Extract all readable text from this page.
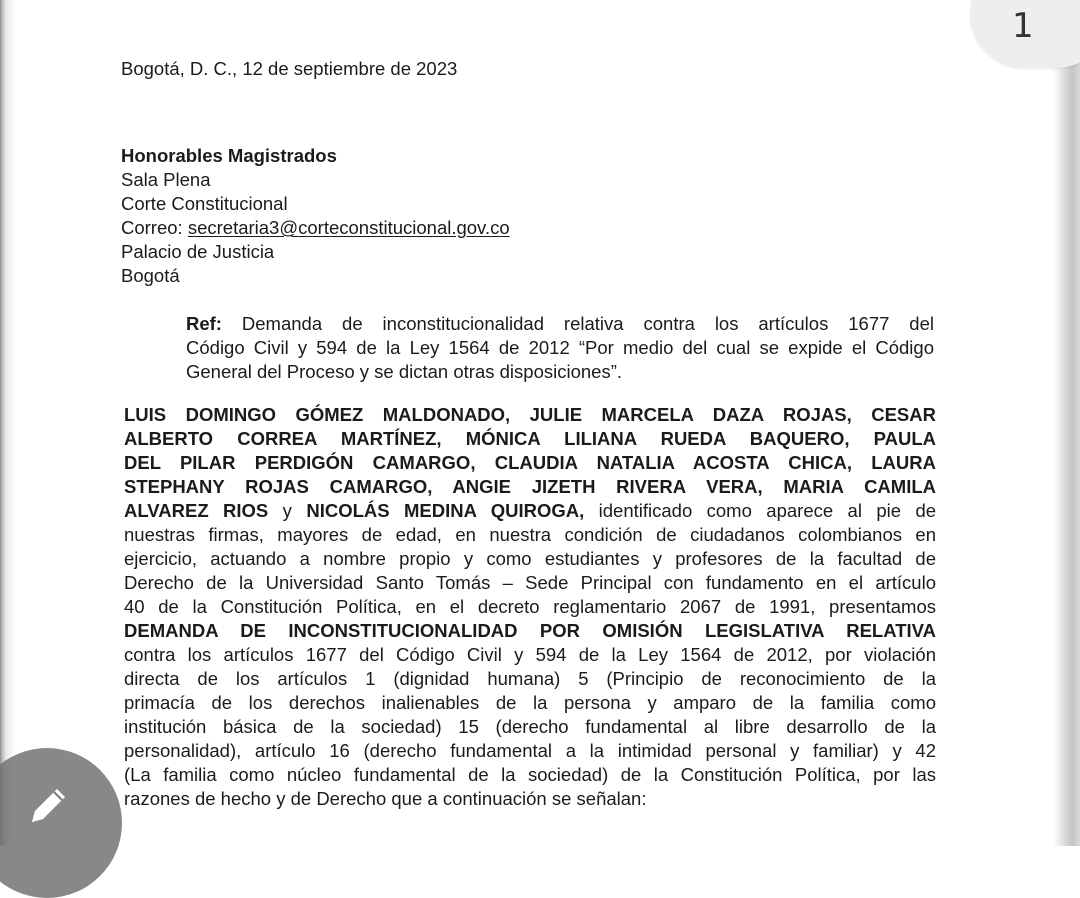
1
Bogotá, D. C., 12 de septiembre de 2023
Honorables Magistrados
Sala Plena
Corte Constitucional
Correo: secretaria3@corteconstitucional.gov.co
Palacio de Justicia
Bogotá
Ref: Demanda de inconstitucionalidad relativa contra los artículos 1677 del
Código Civil y 594 de la Ley 1564 de 2012 “Por medio del cual se expide el Código
General del Proceso y se dictan otras disposiciones”.
LUIS DOMINGO GÓMEZ MALDONADO, JULIE MARCELA DAZA ROJAS, CESAR
ALBERTO CORREA MARTÍNEZ, MÓNICA LILIANA RUEDA BAQUERO, PAULA
DEL PILAR PERDIGÓN CAMARGO, CLAUDIA NATALIA ACOSTA CHICA, LAURA
STEPHANY ROJAS CAMARGO, ANGIE JIZETH RIVERA VERA, MARIA CAMILA
ALVAREZ RIOS y NICOLÁS MEDINA QUIROGA, identificado como aparece al pie de
nuestras firmas, mayores de edad, en nuestra condición de ciudadanos colombianos en
ejercicio, actuando a nombre propio y como estudiantes y profesores de la facultad de
Derecho de la Universidad Santo Tomás – Sede Principal con fundamento en el artículo
40 de la Constitución Política, en el decreto reglamentario 2067 de 1991, presentamos
DEMANDA DE INCONSTITUCIONALIDAD POR OMISIÓN LEGISLATIVA RELATIVA
contra los artículos 1677 del Código Civil y 594 de la Ley 1564 de 2012, por violación
directa de los artículos 1 (dignidad humana) 5 (Principio de reconocimiento de la
primacía de los derechos inalienables de la persona y amparo de la familia como
institución básica de la sociedad) 15 (derecho fundamental al libre desarrollo de la
personalidad), artículo 16 (derecho fundamental a la intimidad personal y familiar) y 42
(La familia como núcleo fundamental de la sociedad) de la Constitución Política, por las
razones de hecho y de Derecho que a continuación se señalan:
